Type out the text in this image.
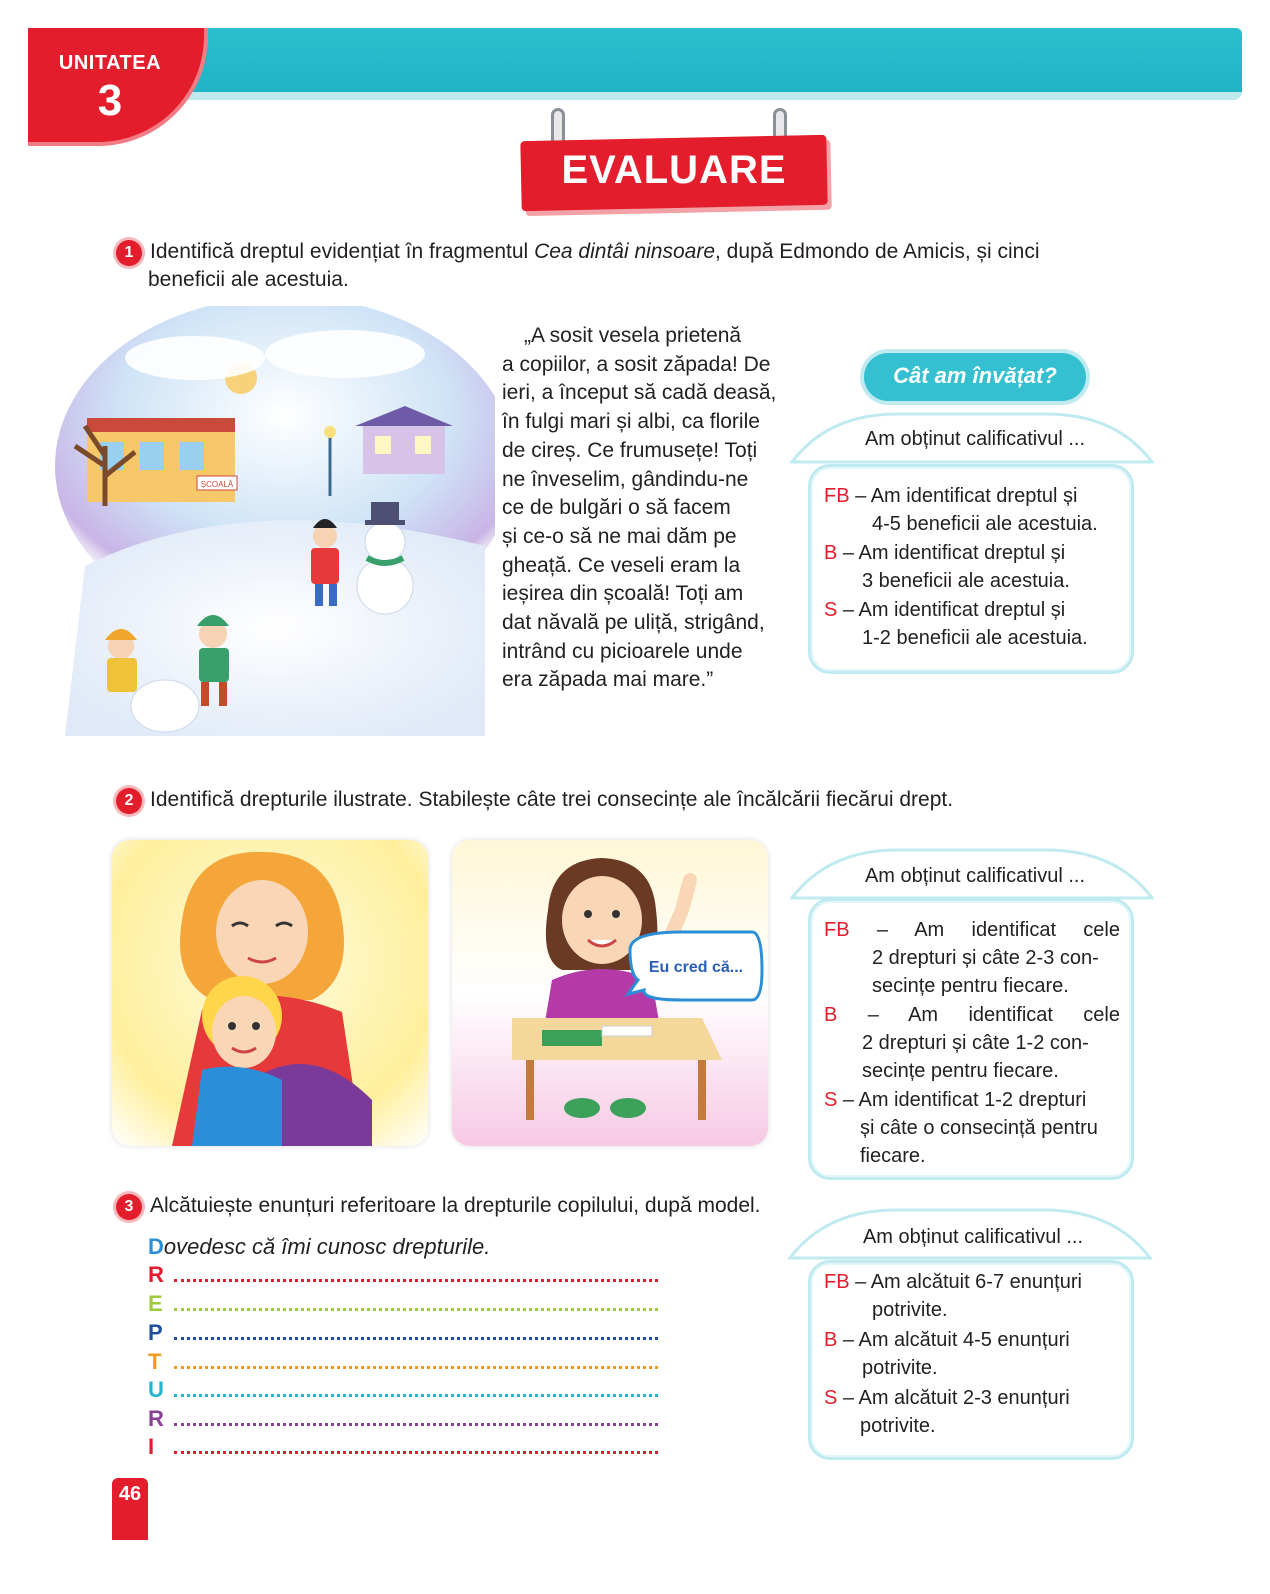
UNITATEA
3
EVALUARE
1 Identifică dreptul evidențiat în fragmentul Cea dintâi ninsoare, după Edmondo de Amicis, și cinci
beneficii ale acestuia.
ȘCOALĂ
„A sosit vesela prietenă
a copiilor, a sosit zăpada! De
ieri, a început să cadă deasă,
în fulgi mari și albi, ca florile
de cireș. Ce frumusețe! Toți
ne înveselim, gândindu-ne
ce de bulgări o să facem
și ce-o să ne mai dăm pe
gheață. Ce veseli eram la
ieșirea din școală! Toți am
dat năvală pe uliță, strigând,
intrând cu picioarele unde
era zăpada mai mare.”
Cât am învățat?
Am obținut calificativul ...
FB – Am identificat dreptul și
4-5 beneficii ale acestuia.
B – Am identificat dreptul și
3 beneficii ale acestuia.
S – Am identificat dreptul și
1-2 beneficii ale acestuia.
2 Identifică drepturile ilustrate. Stabilește câte trei consecințe ale încălcării fiecărui drept.
Eu cred că...
Am obținut calificativul ...
FB – Am identificat cele
2 drepturi și câte 2-3 con-
secințe pentru fiecare.
B – Am identificat cele
2 drepturi și câte 1-2 con-
secințe pentru fiecare.
S – Am identificat 1-2 drepturi
și câte o consecință pentru
fiecare.
3 Alcătuiește enunțuri referitoare la drepturile copilului, după model.
Dovedesc că îmi cunosc drepturile.
R
E
P
T
U
R
I
Am obținut calificativul ...
FB – Am alcătuit 6-7 enunțuri
potrivite.
B – Am alcătuit 4-5 enunțuri
potrivite.
S – Am alcătuit 2-3 enunțuri
potrivite.
46
